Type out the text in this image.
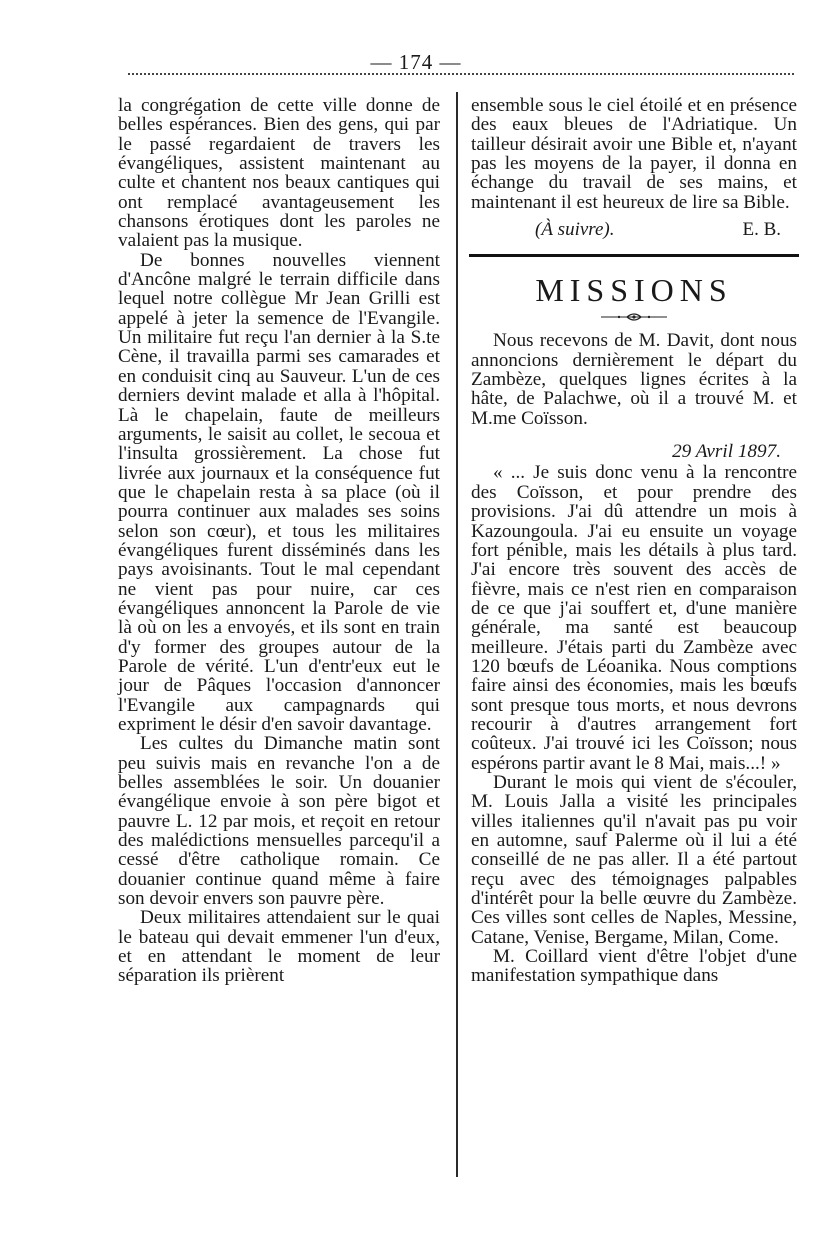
— 174 —

la congrégation de cette ville donne de belles espérances. Bien des gens, qui par le passé regardaient de travers les évangéliques, assistent maintenant au culte et chantent nos beaux cantiques qui ont remplacé avantageusement les chansons érotiques dont les paroles ne valaient pas la musique.

De bonnes nouvelles viennent d'Ancône malgré le terrain difficile dans lequel notre collègue Mr Jean Grilli est appelé à jeter la semence de l'Evangile. Un militaire fut reçu l'an dernier à la S.te Cène, il travailla parmi ses camarades et en conduisit cinq au Sauveur. L'un de ces derniers devint malade et alla à l'hôpital. Là le chapelain, faute de meilleurs arguments, le saisit au collet, le secoua et l'insulta grossièrement. La chose fut livrée aux journaux et la conséquence fut que le chapelain resta à sa place (où il pourra continuer aux malades ses soins selon son cœur), et tous les militaires évangéliques furent disséminés dans les pays avoisinants. Tout le mal cependant ne vient pas pour nuire, car ces évangéliques annoncent la Parole de vie là où on les a envoyés, et ils sont en train d'y former des groupes autour de la Parole de vérité. L'un d'entr'eux eut le jour de Pâques l'occasion d'annoncer l'Evangile aux campagnards qui expriment le désir d'en savoir davantage.

Les cultes du Dimanche matin sont peu suivis mais en revanche l'on a de belles assemblées le soir. Un douanier évangélique envoie à son père bigot et pauvre L. 12 par mois, et reçoit en retour des malédictions mensuelles parcequ'il a cessé d'être catholique romain. Ce douanier continue quand même à faire son devoir envers son pauvre père.

Deux militaires attendaient sur le quai le bateau qui devait emmener l'un d'eux, et en attendant le moment de leur séparation ils prièrent

ensemble sous le ciel étoilé et en présence des eaux bleues de l'Adriatique. Un tailleur désirait avoir une Bible et, n'ayant pas les moyens de la payer, il donna en échange du travail de ses mains, et maintenant il est heureux de lire sa Bible.

(À suivre).	E. B.
MISSIONS

Nous recevons de M. Davit, dont nous annoncions dernièrement le départ du Zambèze, quelques lignes écrites à la hâte, de Palachwe, où il a trouvé M. et M.me Coïsson.

29 Avril 1897.

« ... Je suis donc venu à la rencontre des Coïsson, et pour prendre des provisions. J'ai dû attendre un mois à Kazoungoula. J'ai eu ensuite un voyage fort pénible, mais les détails à plus tard. J'ai encore très souvent des accès de fièvre, mais ce n'est rien en comparaison de ce que j'ai souffert et, d'une manière générale, ma santé est beaucoup meilleure. J'étais parti du Zambèze avec 120 bœufs de Léoanika. Nous comptions faire ainsi des économies, mais les bœufs sont presque tous morts, et nous devrons recourir à d'autres arrangement fort coûteux. J'ai trouvé ici les Coïsson; nous espérons partir avant le 8 Mai, mais...! »

Durant le mois qui vient de s'écouler, M. Louis Jalla a visité les principales villes italiennes qu'il n'avait pas pu voir en automne, sauf Palerme où il lui a été conseillé de ne pas aller. Il a été partout reçu avec des témoignages palpables d'intérêt pour la belle œuvre du Zambèze. Ces villes sont celles de Naples, Messine, Catane, Venise, Bergame, Milan, Come.

M. Coillard vient d'être l'objet d'une manifestation sympathique dans
